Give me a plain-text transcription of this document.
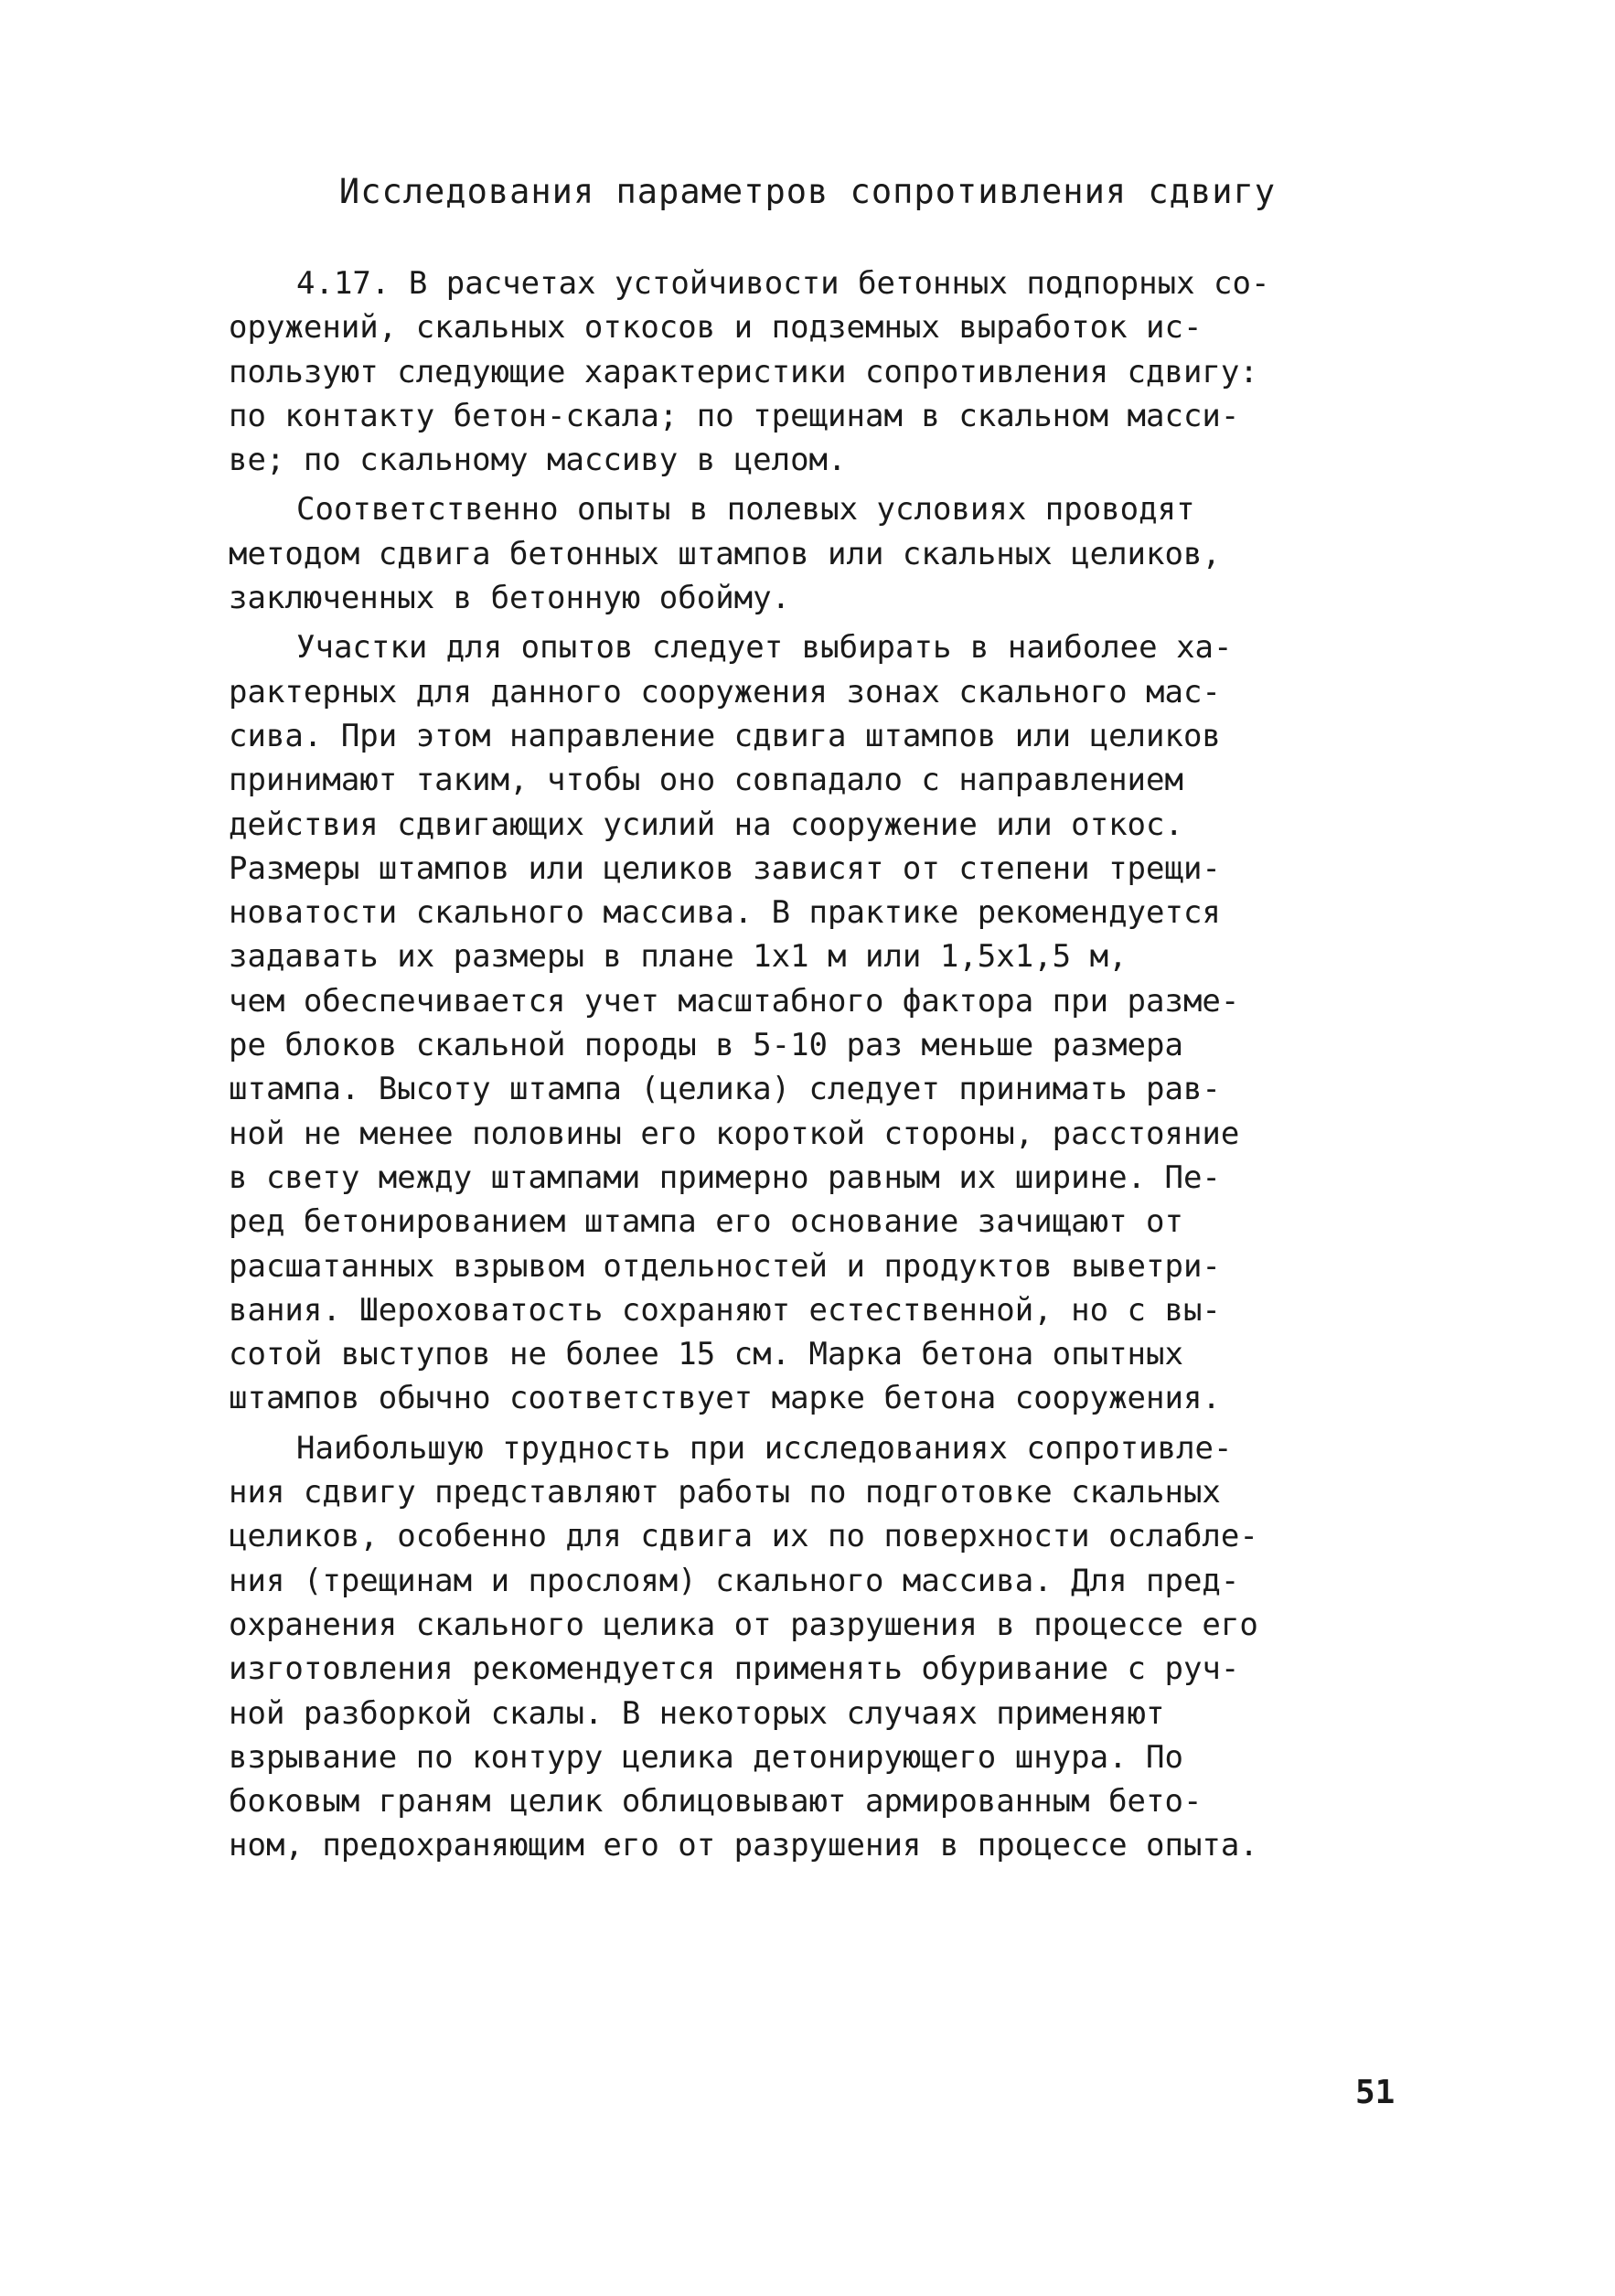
Исследования параметров сопротивления сдвигу
4.17. В расчетах устойчивости бетонных подпорных со-
оружений, скальных откосов и подземных выработок ис-
пользуют следующие характеристики сопротивления сдвигу:
по контакту бетон-скала; по трещинам в скальном масси-
ве; по скальному массиву в целом.
Соответственно опыты в полевых условиях проводят
методом сдвига бетонных штампов или скальных целиков,
заключенных в бетонную обойму.
Участки для опытов следует выбирать в наиболее ха-
рактерных для данного сооружения зонах скального мас-
сива. При этом направление сдвига штампов или целиков
принимают таким, чтобы оно совпадало с направлением
действия сдвигающих усилий на сооружение или откос.
Размеры штампов или целиков зависят от степени трещи-
новатости скального массива. В практике рекомендуется
задавать их размеры в плане 1х1 м или 1,5х1,5 м,
чем обеспечивается учет масштабного фактора при разме-
ре блоков скальной породы в 5-10 раз меньше размера
штампа. Высоту штампа (целика) следует принимать рав-
ной не менее половины его короткой стороны, расстояние
в свету между штампами примерно равным их ширине. Пе-
ред бетонированием штампа его основание зачищают от
расшатанных взрывом отдельностей и продуктов выветри-
вания. Шероховатость сохраняют естественной, но с вы-
сотой выступов не более 15 см. Марка бетона опытных
штампов обычно соответствует марке бетона сооружения.
Наибольшую трудность при исследованиях сопротивле-
ния сдвигу представляют работы по подготовке скальных
целиков, особенно для сдвига их по поверхности ослабле-
ния (трещинам и прослоям) скального массива. Для пред-
охранения скального целика от разрушения в процессе его
изготовления рекомендуется применять обуривание с руч-
ной разборкой скалы. В некоторых случаях применяют
взрывание по контуру целика детонирующего шнура. По
боковым граням целик облицовывают армированным бето-
ном, предохраняющим его от разрушения в процессе опыта.
51
